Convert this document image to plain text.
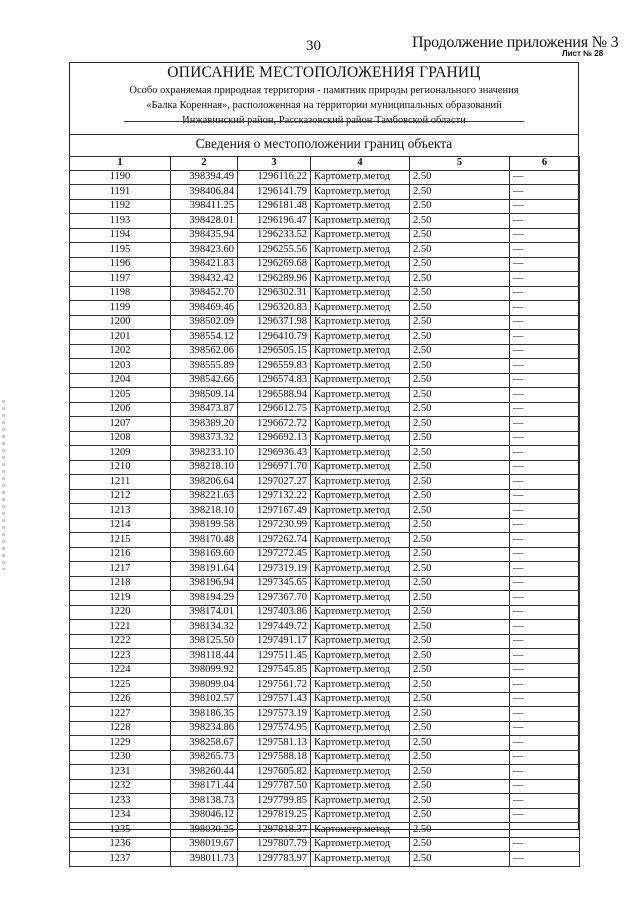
30	Продолжение приложения № 3
Лист № 28
ОПИСАНИЕ МЕСТОПОЛОЖЕНИЯ ГРАНИЦ
Особо охраняемая природная территория - памятник природы регионального значения
«Балка Коренная», расположенная на территории муниципальных образований
Инжавинский район, Рассказовский район Тамбовской области
Сведения о местоположении границ объекта
1	2	3	4	5	6
1190	398394.49	1296116.22	Картометр.метод	2.50	—
1191	398406.84	1296141.79	Картометр.метод	2.50	—
1192	398411.25	1296181.48	Картометр.метод	2.50	—
1193	398428.01	1296196.47	Картометр.метод	2.50	—
1194	398435.94	1296233.52	Картометр.метод	2.50	—
1195	398423.60	1296255.56	Картометр.метод	2.50	—
1196	398421.83	1296269.68	Картометр.метод	2.50	—
1197	398432.42	1296289.96	Картометр.метод	2.50	—
1198	398452.70	1296302.31	Картометр.метод	2.50	—
1199	398469.46	1296320.83	Картометр.метод	2.50	—
1200	398502.09	1296371.98	Картометр.метод	2.50	—
1201	398554.12	1296410.79	Картометр.метод	2.50	—
1202	398562.06	1296505.15	Картометр.метод	2.50	—
1203	398555.89	1296559.83	Картометр.метод	2.50	—
1204	398542.66	1296574.83	Картометр.метод	2.50	—
1205	398509.14	1296588.94	Картометр.метод	2.50	—
1206	398473.87	1296612.75	Картометр.метод	2.50	—
1207	398389.20	1296672.72	Картометр.метод	2.50	—
1208	398373.32	1296692.13	Картометр.метод	2.50	—
1209	398233.10	1296936.43	Картометр.метод	2.50	—
1210	398218.10	1296971.70	Картометр.метод	2.50	—
1211	398206.64	1297027.27	Картометр.метод	2.50	—
1212	398221.63	1297132.22	Картометр.метод	2.50	—
1213	398218.10	1297167.49	Картометр.метод	2.50	—
1214	398199.58	1297230.99	Картометр.метод	2.50	—
1215	398170.48	1297262.74	Картометр.метод	2.50	—
1216	398169.60	1297272.45	Картометр.метод	2.50	—
1217	398191.64	1297319.19	Картометр.метод	2.50	—
1218	398196.94	1297345.65	Картометр.метод	2.50	—
1219	398194.29	1297367.70	Картометр.метод	2.50	—
1220	398174.01	1297403.86	Картометр.метод	2.50	—
1221	398134.32	1297449.72	Картометр.метод	2.50	—
1222	398125.50	1297491.17	Картометр.метод	2.50	—
1223	398118.44	1297511.45	Картометр.метод	2.50	—
1224	398099.92	1297545.85	Картометр.метод	2.50	—
1225	398099.04	1297561.72	Картометр.метод	2.50	—
1226	398102.57	1297571.43	Картометр.метод	2.50	—
1227	398186.35	1297573.19	Картометр.метод	2.50	—
1228	398234.86	1297574.95	Картометр.метод	2.50	—
1229	398258.67	1297581.13	Картометр.метод	2.50	—
1230	398265.73	1297588.18	Картометр.метод	2.50	—
1231	398260.44	1297605.82	Картометр.метод	2.50	—
1232	398171.44	1297787.50	Картометр.метод	2.50	—
1233	398138.73	1297799.85	Картометр.метод	2.50	—
1234	398046.12	1297819.25	Картометр.метод	2.50	—
1235	398030.25	1297818.37	Картометр.метод	2.50	—
1236	398019.67	1297807.79	Картометр.метод	2.50	—
1237	398011.73	1297783.97	Картометр.метод	2.50	—
